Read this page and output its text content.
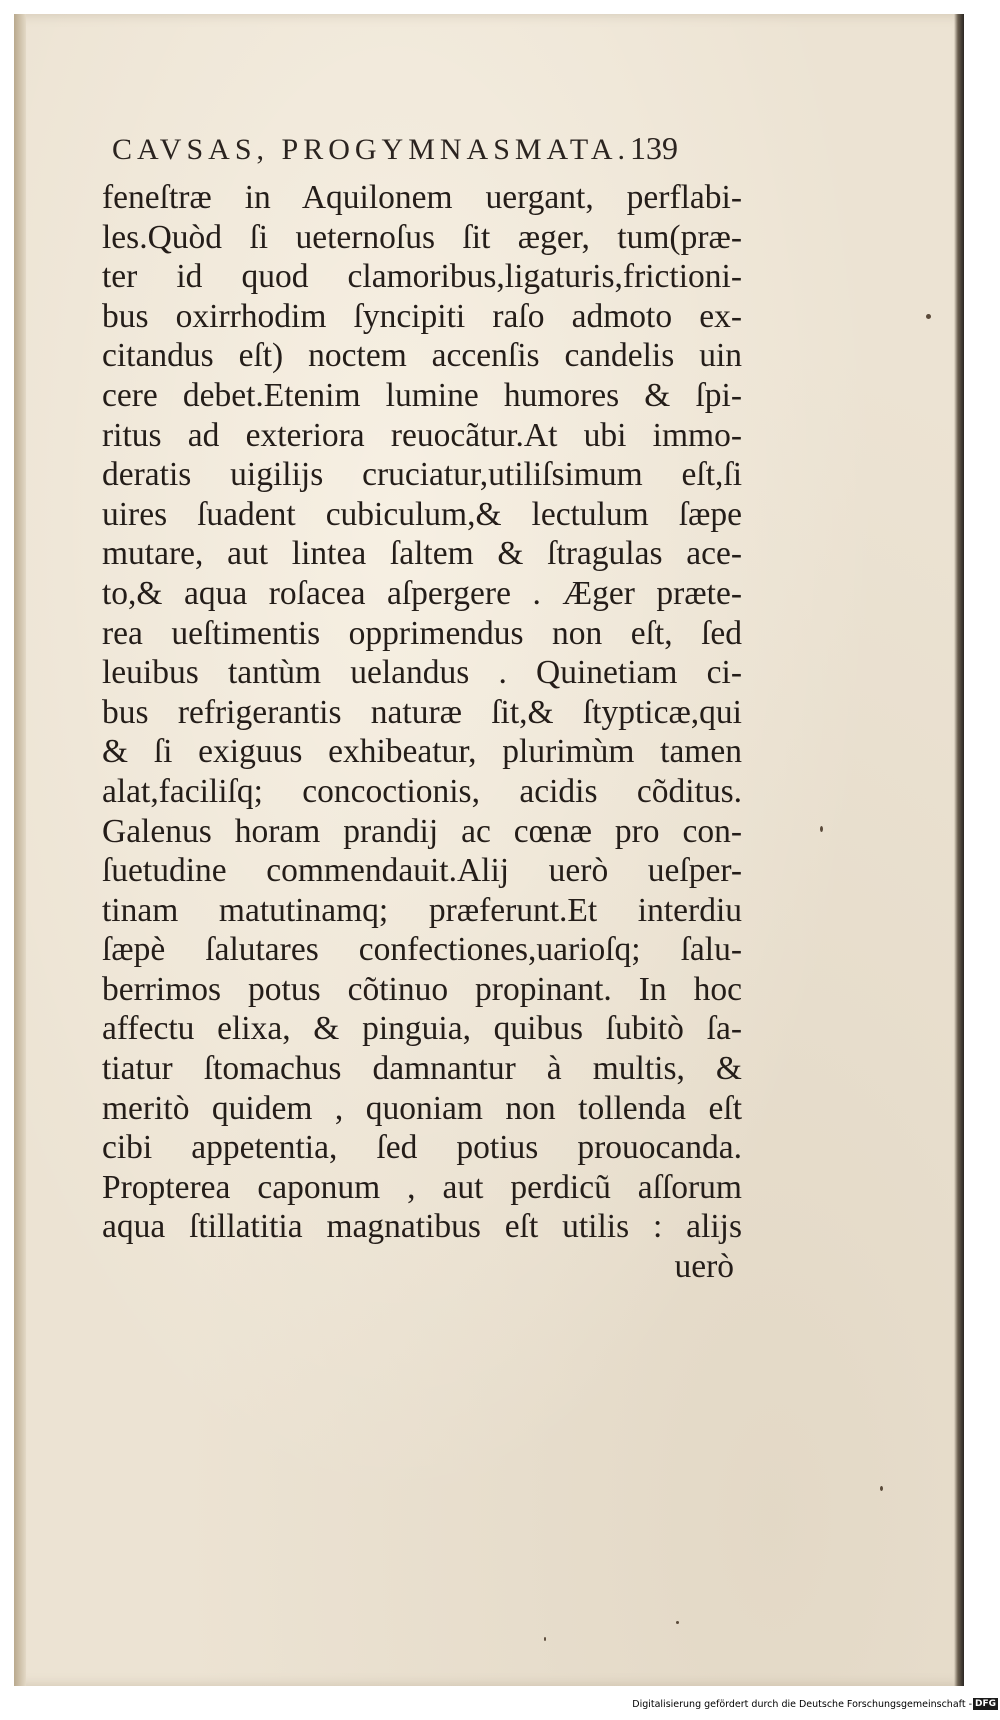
CAVSAS, PROGYMNASMATA.139
feneſtræ in Aquilonem uergant, perflabi-
les.Quòd ſi ueternoſus ſit æger, tum(præ-
ter id quod clamoribus,ligaturis,frictioni-
bus oxirrhodim ſyncipiti raſo admoto ex-
citandus eſt) noctem accenſis candelis uin
cere debet.Etenim lumine humores & ſpi-
ritus ad exteriora reuocãtur.At ubi immo-
deratis uigilijs cruciatur,utiliſsimum eſt,ſi
uires ſuadent cubiculum,& lectulum ſæpe
mutare, aut lintea ſaltem & ſtragulas ace-
to,& aqua roſacea aſpergere . Æger præte-
rea ueſtimentis opprimendus non eſt, ſed
leuibus tantùm uelandus . Quinetiam ci-
bus refrigerantis naturæ ſit,& ſtypticæ,qui
& ſi exiguus exhibeatur, plurimùm tamen
alat,faciliſq; concoctionis, acidis cõditus.
Galenus horam prandij ac cœnæ pro con-
ſuetudine commendauit.Alij uerò ueſper-
tinam matutinamq; præferunt.Et interdiu
ſæpè ſalutares confectiones,uarioſq; ſalu-
berrimos potus cõtinuo propinant. In hoc
affectu elixa, & pinguia, quibus ſubitò ſa-
tiatur ſtomachus damnantur à multis, &
meritò quidem , quoniam non tollenda eſt
cibi appetentia, ſed potius prouocanda.
Propterea caponum , aut perdicũ aſſorum
aqua ſtillatitia magnatibus eſt utilis : alijs
uerò
Digitalisierung gefördert durch die Deutsche Forschungsgemeinschaft - DFG
